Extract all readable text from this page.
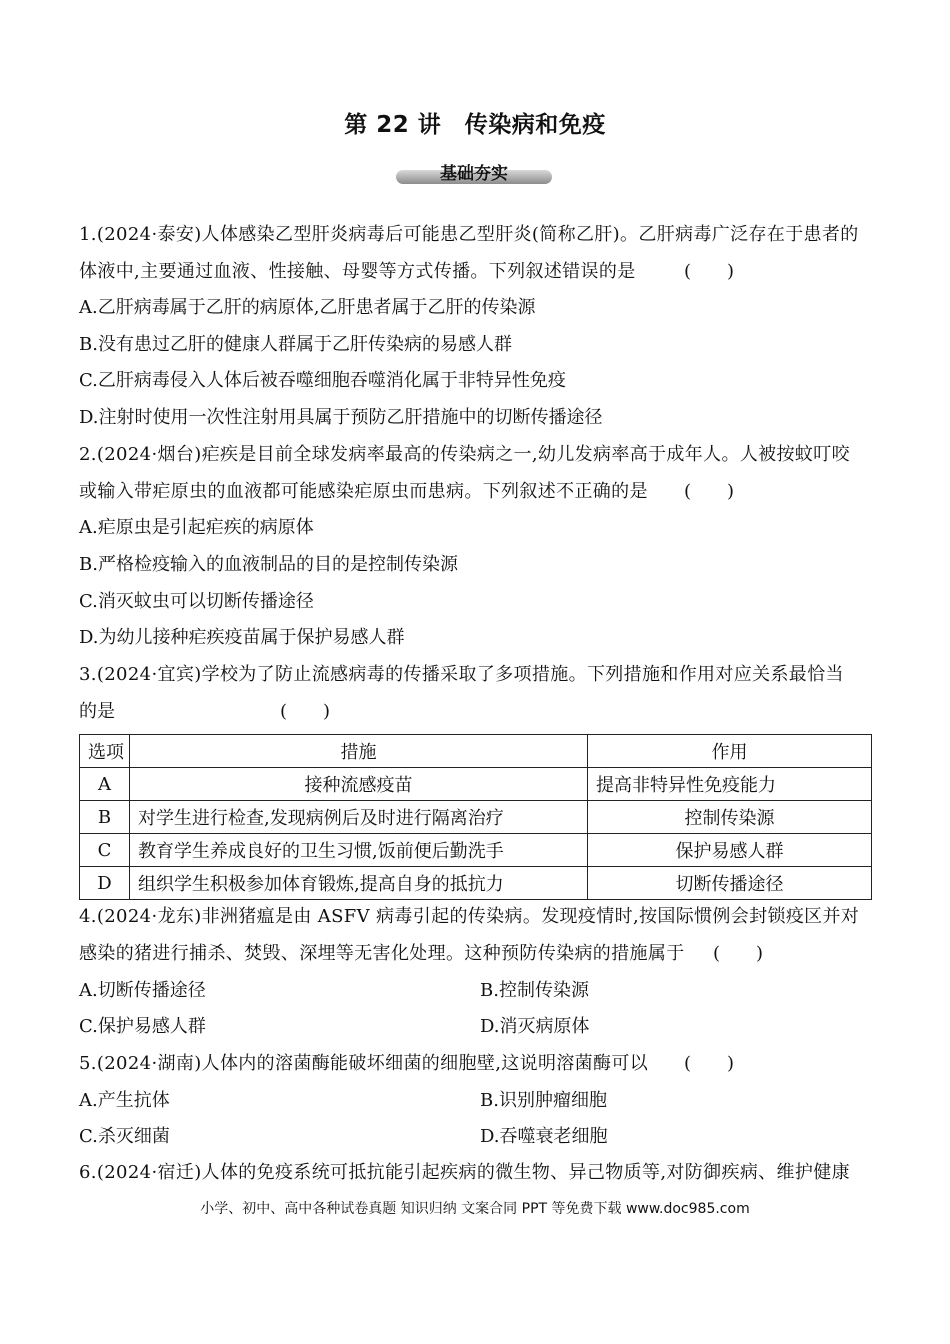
第 22 讲　传染病和免疫
基础夯实
1.(2024·泰安)人体感染乙型肝炎病毒后可能患乙型肝炎(简称乙肝)。乙肝病毒广泛存在于患者的
体液中,主要通过血液、性接触、母婴等方式传播。下列叙述错误的是	(　　)
A.乙肝病毒属于乙肝的病原体,乙肝患者属于乙肝的传染源
B.没有患过乙肝的健康人群属于乙肝传染病的易感人群
C.乙肝病毒侵入人体后被吞噬细胞吞噬消化属于非特异性免疫
D.注射时使用一次性注射用具属于预防乙肝措施中的切断传播途径
2.(2024·烟台)疟疾是目前全球发病率最高的传染病之一,幼儿发病率高于成年人。人被按蚊叮咬
或输入带疟原虫的血液都可能感染疟原虫而患病。下列叙述不正确的是 (　　)
A.疟原虫是引起疟疾的病原体
B.严格检疫输入的血液制品的目的是控制传染源
C.消灭蚊虫可以切断传播途径
D.为幼儿接种疟疾疫苗属于保护易感人群
3.(2024·宜宾)学校为了防止流感病毒的传播采取了多项措施。下列措施和作用对应关系最恰当
的是	(　　)
选项	措施	作用
A	接种流感疫苗	提高非特异性免疫能力
B	对学生进行检查,发现病例后及时进行隔离治疗	控制传染源
C	教育学生养成良好的卫生习惯,饭前便后勤洗手	保护易感人群
D	组织学生积极参加体育锻炼,提高自身的抵抗力	切断传播途径
4.(2024·龙东)非洲猪瘟是由 ASFV 病毒引起的传染病。发现疫情时,按国际惯例会封锁疫区并对
感染的猪进行捕杀、焚毁、深埋等无害化处理。这种预防传染病的措施属于 (　　)
A.切断传播途径	B.控制传染源
C.保护易感人群	D.消灭病原体
5.(2024·湖南)人体内的溶菌酶能破坏细菌的细胞壁,这说明溶菌酶可以 (　　)
A.产生抗体	B.识别肿瘤细胞
C.杀灭细菌	D.吞噬衰老细胞
6.(2024·宿迁)人体的免疫系统可抵抗能引起疾病的微生物、异己物质等,对防御疾病、维护健康
小学、初中、高中各种试卷真题 知识归纳 文案合同 PPT 等免费下载 www.doc985.com
